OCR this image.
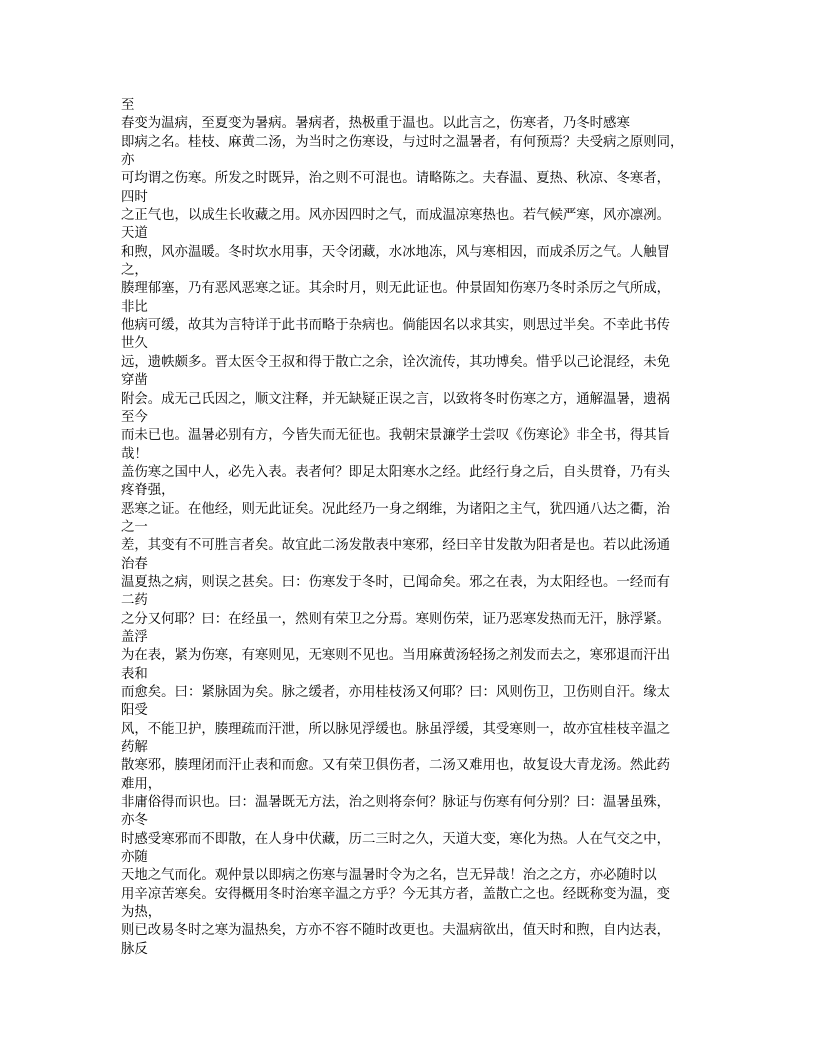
至
春变为温病，至夏变为暑病。暑病者，热极重于温也。以此言之，伤寒者，乃冬时感寒
即病之名。桂枝、麻黄二汤，为当时之伤寒设，与过时之温暑者，有何预焉？夫受病之原则同，
亦
可均谓之伤寒。所发之时既异，治之则不可混也。请略陈之。夫春温、夏热、秋凉、冬寒者，
四时
之正气也，以成生长收藏之用。风亦因四时之气，而成温凉寒热也。若气候严寒，风亦凛冽。
天道
和煦，风亦温暖。冬时坎水用事，天令闭藏，水冰地冻，风与寒相因，而成杀厉之气。人触冒
之，
腠理郁塞，乃有恶风恶寒之证。其余时月，则无此证也。仲景固知伤寒乃冬时杀厉之气所成，
非比
他病可缓，故其为言特详于此书而略于杂病也。倘能因名以求其实，则思过半矣。不幸此书传
世久
远，遗帙颇多。晋太医令王叔和得于散亡之余，诠次流传，其功博矣。惜乎以己论混经，未免
穿凿
附会。成无己氏因之，顺文注释，并无缺疑正误之言，以致将冬时伤寒之方，通解温暑，遗祸
至今
而未已也。温暑必别有方，今皆失而无征也。我朝宋景濂学士尝叹《伤寒论》非全书，得其旨
哉！
盖伤寒之国中人，必先入表。表者何？即足太阳寒水之经。此经行身之后，自头贯脊，乃有头
疼脊强，
恶寒之证。在他经，则无此证矣。况此经乃一身之纲维，为诸阳之主气，犹四通八达之衢，治
之一
差，其变有不可胜言者矣。故宜此二汤发散表中寒邪，经曰辛甘发散为阳者是也。若以此汤通
治春
温夏热之病，则误之甚矣。曰：伤寒发于冬时，已闻命矣。邪之在表，为太阳经也。一经而有
二药
之分又何耶？曰：在经虽一，然则有荣卫之分焉。寒则伤荣，证乃恶寒发热而无汗，脉浮紧。
盖浮
为在表，紧为伤寒，有寒则见，无寒则不见也。当用麻黄汤轻扬之剂发而去之，寒邪退而汗出
表和
而愈矣。曰：紧脉固为矣。脉之缓者，亦用桂枝汤又何耶？曰：风则伤卫，卫伤则自汗。缘太
阳受
风，不能卫护，腠理疏而汗泄，所以脉见浮缓也。脉虽浮缓，其受寒则一，故亦宜桂枝辛温之
药解
散寒邪，腠理闭而汗止表和而愈。又有荣卫俱伤者，二汤又难用也，故复设大青龙汤。然此药
难用，
非庸俗得而识也。曰：温暑既无方法，治之则将奈何？脉证与伤寒有何分别？曰：温暑虽殊，
亦冬
时感受寒邪而不即散，在人身中伏藏，历二三时之久，天道大变，寒化为热。人在气交之中，
亦随
天地之气而化。观仲景以即病之伤寒与温暑时令为之名，岂无异哉！治之之方，亦必随时以
用辛凉苦寒矣。安得概用冬时治寒辛温之方乎？今无其方者，盖散亡之也。经既称变为温，变
为热，
则已改易冬时之寒为温热矣，方亦不容不随时改更也。夫温病欲出，值天时和煦，自内达表，
脉反
